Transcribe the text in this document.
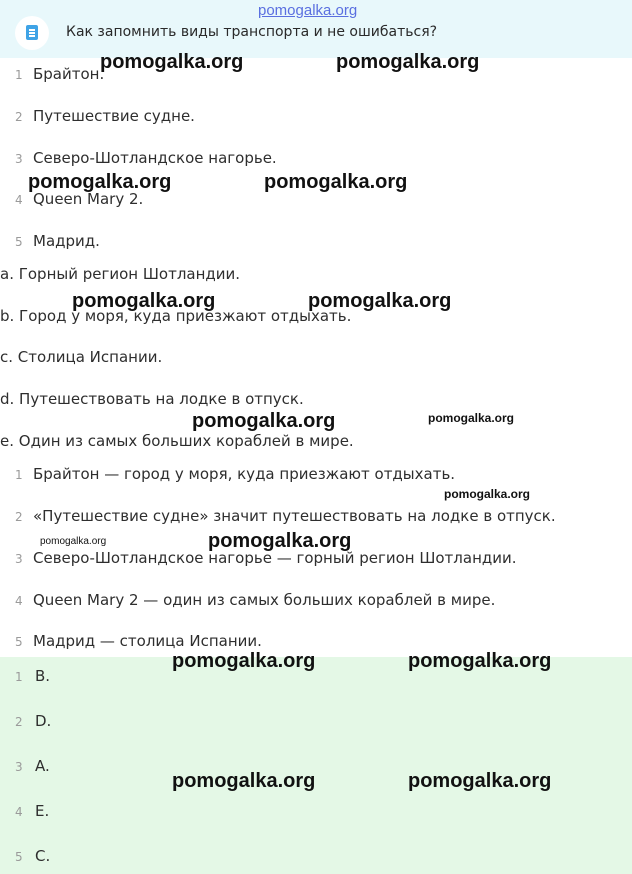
Как запомнить виды транспорта и не ошибаться?
pomogalka.org
1 Брайтон.
2 Путешествие судне.
3 Северо-Шотландское нагорье.
4 Queen Mary 2.
5 Мадрид.
a. Горный регион Шотландии.
b. Город у моря, куда приезжают отдыхать.
c. Столица Испании.
d. Путешествовать на лодке в отпуск.
e. Один из самых больших кораблей в мире.
1 Брайтон — город у моря, куда приезжают отдыхать.
2 «Путешествие судне» значит путешествовать на лодке в отпуск.
3 Северо-Шотландское нагорье — горный регион Шотландии.
4 Queen Mary 2 — один из самых больших кораблей в мире.
5 Мадрид — столица Испании.
1 B.
2 D.
3 A.
4 E.
5 C.
pomogalka.org	pomogalka.org
pomogalka.org	pomogalka.org
pomogalka.org	pomogalka.org
pomogalka.org	pomogalka.org
pomogalka.org
pomogalka.org	pomogalka.org
pomogalka.org	pomogalka.org
pomogalka.org	pomogalka.org
